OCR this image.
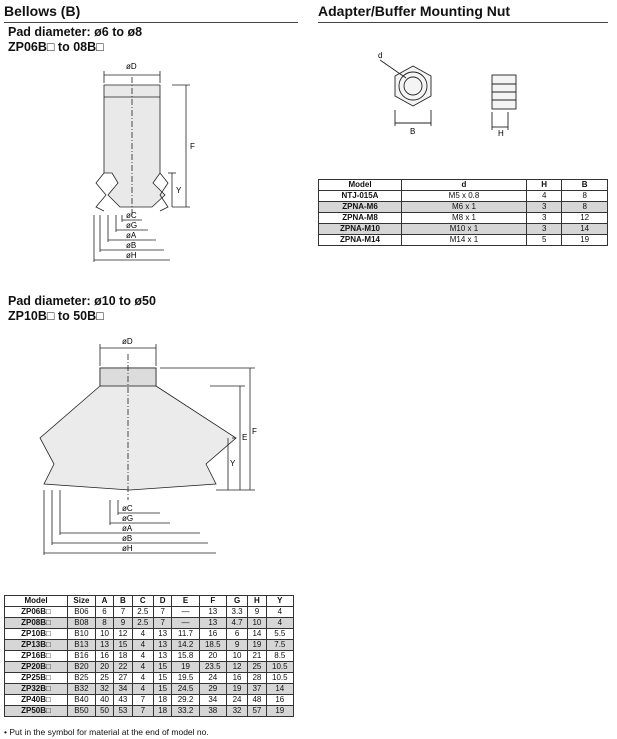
Bellows (B)	Adapter/Buffer Mounting Nut
Pad diameter: ø6 to ø8
ZP06B□ to 08B□
øD
F
Y
øC
øG
øA
øB
øH
d
B	H
Model	d	H	B
NTJ-015A	M5 x 0.8	4	8
ZPNA-M6	M6 x 1	3	8
ZPNA-M8	M8 x 1	3	12
ZPNA-M10	M10 x 1	3	14
ZPNA-M14	M14 x 1	5	19
Pad diameter: ø10 to ø50
ZP10B□ to 50B□
øD
F
E
Y
øC
øG
øA
øB
øH
Model	Size	A	B	C	D	E	F	G	H	Y
ZP06B□	B06	6	7	2.5	7	—	13	3.3	9	4
ZP08B□	B08	8	9	2.5	7	—	13	4.7	10	4
ZP10B□	B10	10	12	4	13	11.7	16	6	14	5.5
ZP13B□	B13	13	15	4	13	14.2	18.5	9	19	7.5
ZP16B□	B16	16	18	4	13	15.8	20	10	21	8.5
ZP20B□	B20	20	22	4	15	19	23.5	12	25	10.5
ZP25B□	B25	25	27	4	15	19.5	24	16	28	10.5
ZP32B□	B32	32	34	4	15	24.5	29	19	37	14
ZP40B□	B40	40	43	7	18	29.2	34	24	48	16
ZP50B□	B50	50	53	7	18	33.2	38	32	57	19
• Put in the symbol for material at the end of model no.
